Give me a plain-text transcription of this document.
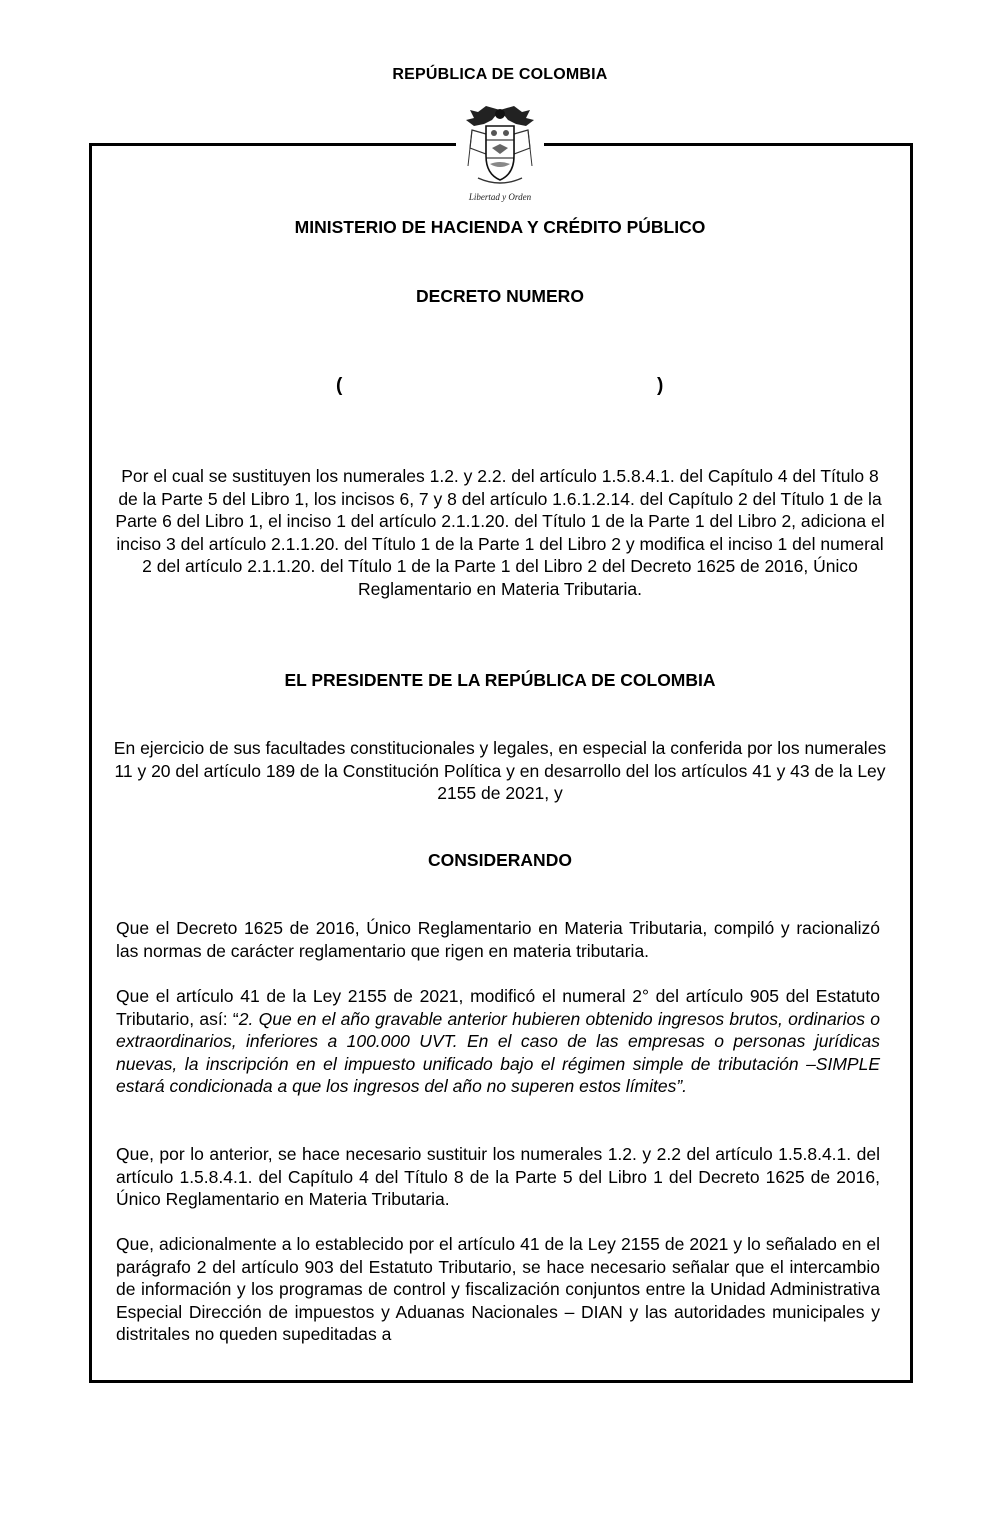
REPÚBLICA DE COLOMBIA
Libertad y Orden
MINISTERIO DE HACIENDA Y CRÉDITO PÚBLICO
DECRETO NUMERO
(	)
Por el cual se sustituyen los numerales 1.2. y 2.2. del artículo 1.5.8.4.1. del Capítulo 4 del Título 8 de la Parte 5 del Libro 1, los incisos 6, 7 y 8 del artículo 1.6.1.2.14. del Capítulo 2 del Título 1 de la Parte 6 del Libro 1, el inciso 1 del artículo 2.1.1.20. del Título 1 de la Parte 1 del Libro 2, adiciona el inciso 3 del artículo 2.1.1.20. del Título 1 de la Parte 1 del Libro 2 y modifica el inciso 1 del numeral 2 del artículo 2.1.1.20. del Título 1 de la Parte 1 del Libro 2 del Decreto 1625 de 2016, Único Reglamentario en Materia Tributaria.
EL PRESIDENTE DE LA REPÚBLICA DE COLOMBIA
En ejercicio de sus facultades constitucionales y legales, en especial la conferida por los numerales 11 y 20 del artículo 189 de la Constitución Política y en desarrollo del los artículos 41 y 43 de la Ley 2155 de 2021, y
CONSIDERANDO

Que el Decreto 1625 de 2016, Único Reglamentario en Materia Tributaria, compiló y racionalizó las normas de carácter reglamentario que rigen en materia tributaria.

Que el artículo 41 de la Ley 2155 de 2021, modificó el numeral 2° del artículo 905 del Estatuto Tributario, así: “2. Que en el año gravable anterior hubieren obtenido ingresos brutos, ordinarios o extraordinarios, inferiores a 100.000 UVT. En el caso de las empresas o personas jurídicas nuevas, la inscripción en el impuesto unificado bajo el régimen simple de tributación –SIMPLE estará condicionada a que los ingresos del año no superen estos límites”.

Que, por lo anterior, se hace necesario sustituir los numerales 1.2. y 2.2 del artículo 1.5.8.4.1. del artículo 1.5.8.4.1. del Capítulo 4 del Título 8 de la Parte 5 del Libro 1 del Decreto 1625 de 2016, Único Reglamentario en Materia Tributaria.

Que, adicionalmente a lo establecido por el artículo 41 de la Ley 2155 de 2021 y lo señalado en el parágrafo 2 del artículo 903 del Estatuto Tributario, se hace necesario señalar que el intercambio de información y los programas de control y fiscalización conjuntos entre la Unidad Administrativa Especial Dirección de impuestos y Aduanas Nacionales – DIAN y las autoridades municipales y distritales no queden supeditadas a
